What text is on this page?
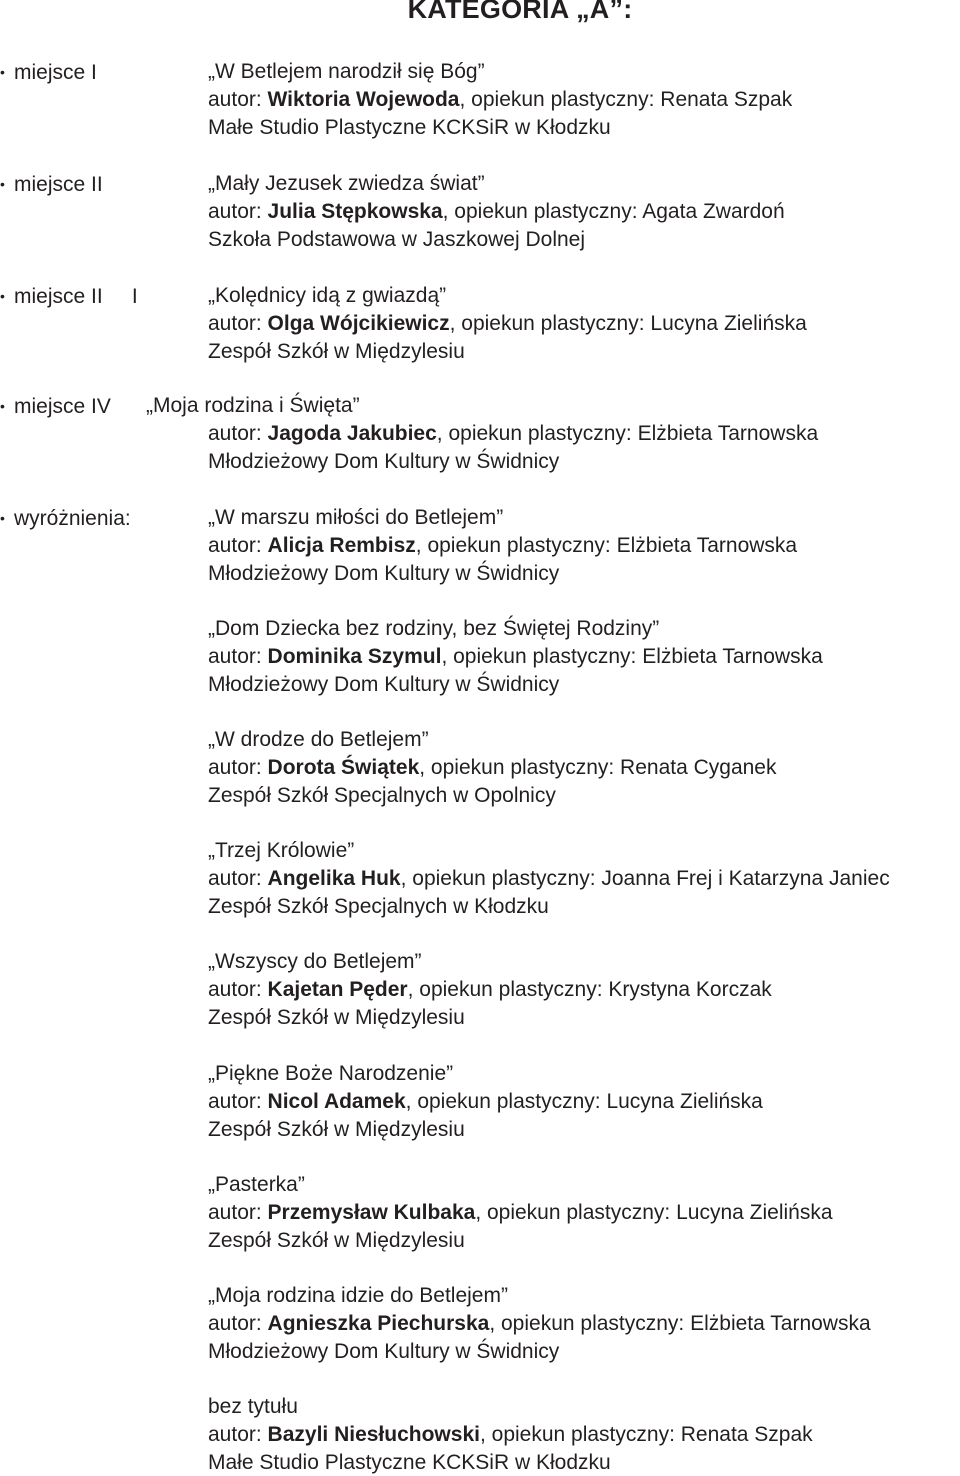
KATEGORIA „A”:
• miejsce I	„W Betlejem narodził się Bóg”
autor: Wiktoria Wojewoda, opiekun plastyczny: Renata Szpak
Małe Studio Plastyczne KCKSiR w Kłodzku
• miejsce II	„Mały Jezusek zwiedza świat”
autor: Julia Stępkowska, opiekun plastyczny: Agata Zwardoń
Szkoła Podstawowa w Jaszkowej Dolnej
• miejsce II     I	„Kolędnicy idą z gwiazdą”
autor: Olga Wójcikiewicz, opiekun plastyczny: Lucyna Zielińska
Zespół Szkół w Międzylesiu
• miejsce IV „Moja rodzina i Święta”
autor: Jagoda Jakubiec, opiekun plastyczny: Elżbieta Tarnowska
Młodzieżowy Dom Kultury w Świdnicy
• wyróżnienia:	„W marszu miłości do Betlejem”
autor: Alicja Rembisz, opiekun plastyczny: Elżbieta Tarnowska
Młodzieżowy Dom Kultury w Świdnicy
„Dom Dziecka bez rodziny, bez Świętej Rodziny”
autor: Dominika Szymul, opiekun plastyczny: Elżbieta Tarnowska
Młodzieżowy Dom Kultury w Świdnicy
„W drodze do Betlejem”
autor: Dorota Świątek, opiekun plastyczny: Renata Cyganek
Zespół Szkół Specjalnych w Opolnicy
„Trzej Królowie”
autor: Angelika Huk, opiekun plastyczny: Joanna Frej i Katarzyna Janiec
Zespół Szkół Specjalnych w Kłodzku
„Wszyscy do Betlejem”
autor: Kajetan Pęder, opiekun plastyczny: Krystyna Korczak
Zespół Szkół w Międzylesiu
„Piękne Boże Narodzenie”
autor: Nicol Adamek, opiekun plastyczny: Lucyna Zielińska
Zespół Szkół w Międzylesiu
„Pasterka”
autor: Przemysław Kulbaka, opiekun plastyczny: Lucyna Zielińska
Zespół Szkół w Międzylesiu
„Moja rodzina idzie do Betlejem”
autor: Agnieszka Piechurska, opiekun plastyczny: Elżbieta Tarnowska
Młodzieżowy Dom Kultury w Świdnicy
bez tytułu
autor: Bazyli Niesłuchowski, opiekun plastyczny: Renata Szpak
Małe Studio Plastyczne KCKSiR w Kłodzku
